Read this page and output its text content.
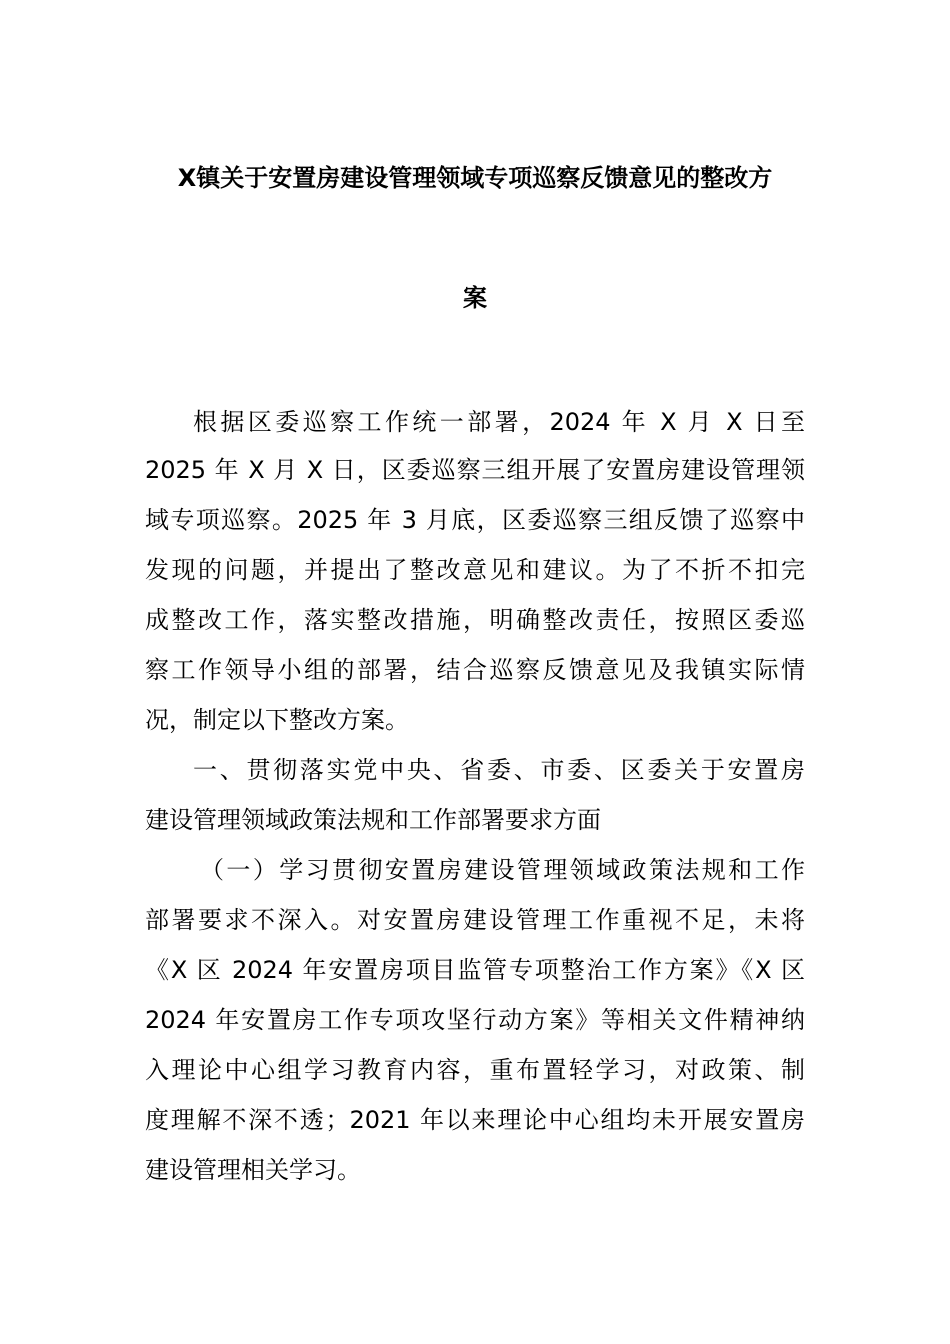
X镇关于安置房建设管理领域专项巡察反馈意见的整改方
案
根据区委巡察工作统一部署，2024 年 X 月 X 日至
2025 年 X 月 X 日，区委巡察三组开展了安置房建设管理领
域专项巡察。2025 年 3 月底，区委巡察三组反馈了巡察中
发现的问题，并提出了整改意见和建议。为了不折不扣完
成整改工作，落实整改措施，明确整改责任，按照区委巡
察工作领导小组的部署，结合巡察反馈意见及我镇实际情
况，制定以下整改方案。
一、贯彻落实党中央、省委、市委、区委关于安置房
建设管理领域政策法规和工作部署要求方面
（一）学习贯彻安置房建设管理领域政策法规和工作
部署要求不深入。对安置房建设管理工作重视不足，未将
《X 区 2024 年安置房项目监管专项整治工作方案》《X 区
2024 年安置房工作专项攻坚行动方案》等相关文件精神纳
入理论中心组学习教育内容，重布置轻学习，对政策、制
度理解不深不透；2021 年以来理论中心组均未开展安置房
建设管理相关学习。
